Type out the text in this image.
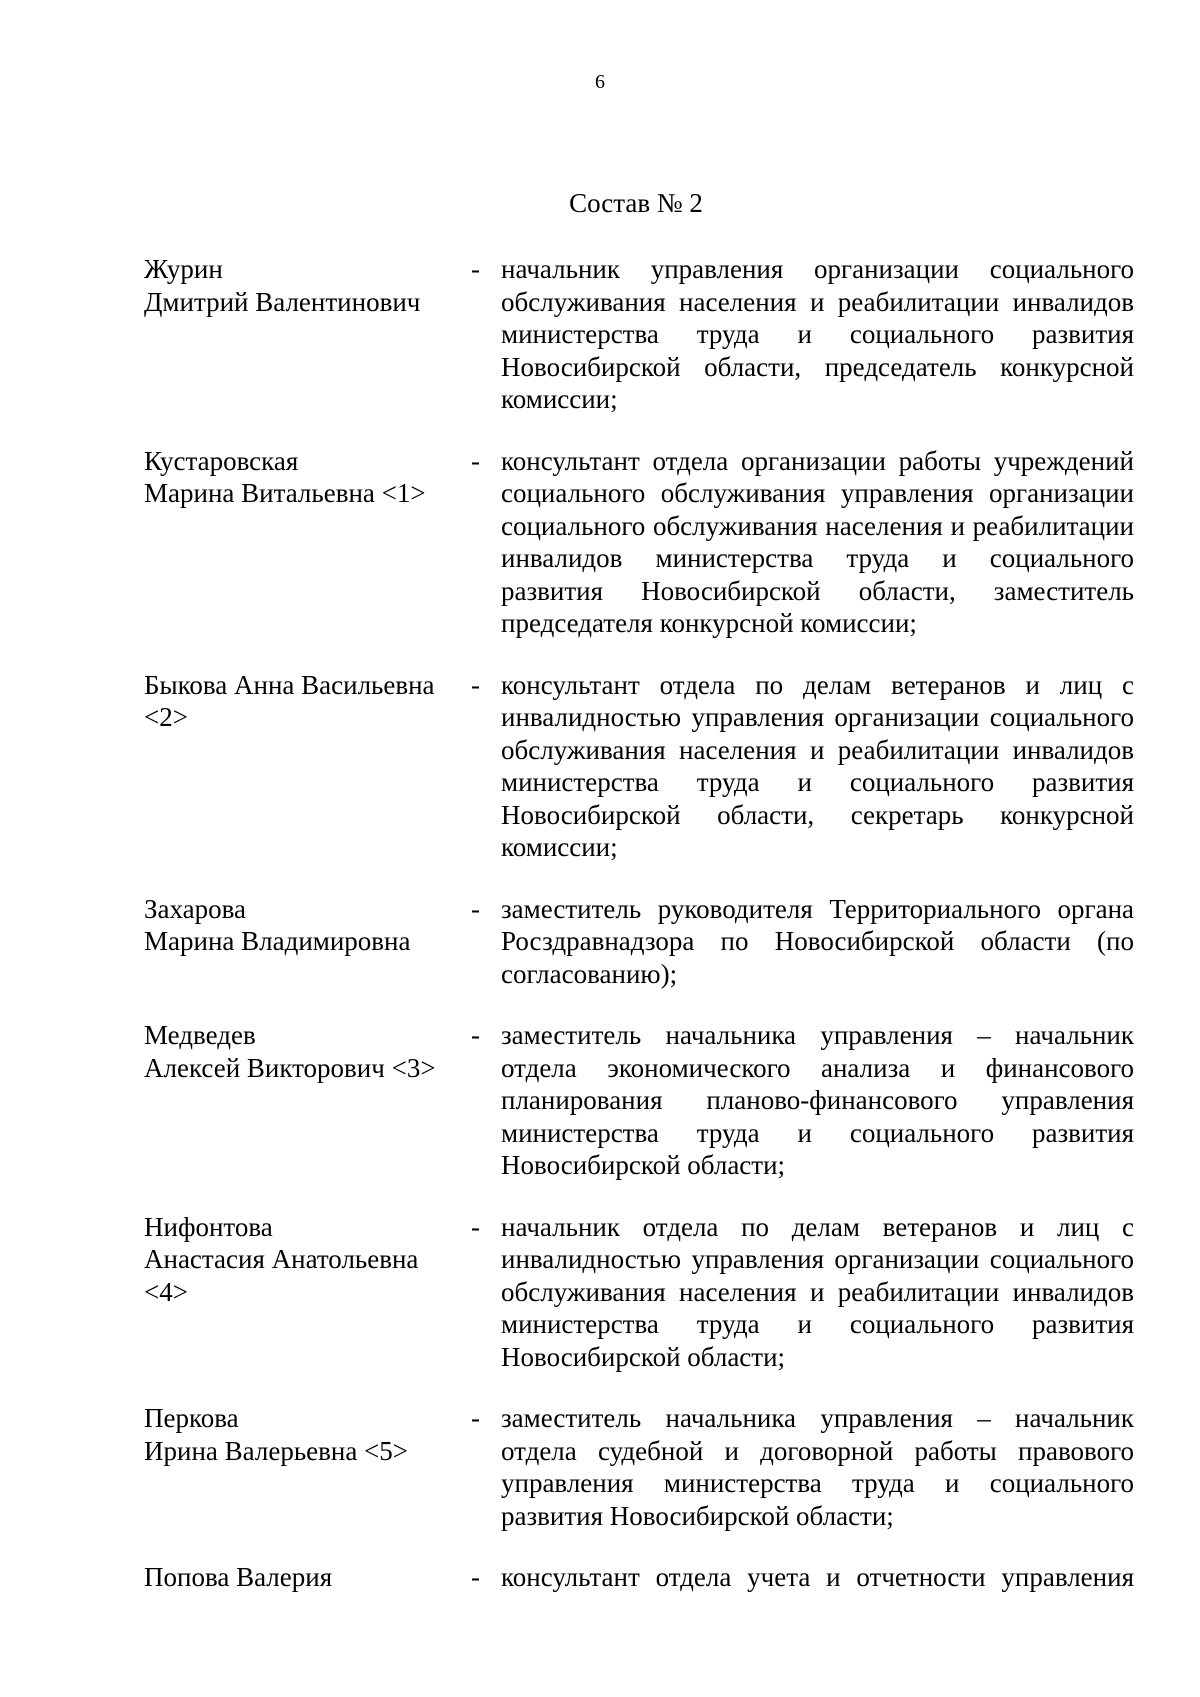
6
Состав № 2
Журин
Дмитрий Валентинович
- начальник управления организации социального обслуживания населения и реабилитации инвалидов министерства труда и социального развития Новосибирской области, председатель конкурсной комиссии;
Кустаровская
Марина Витальевна <1>
- консультант отдела организации работы учреждений социального обслуживания управления организации социального обслуживания населения и реабилитации инвалидов министерства труда и социального развития Новосибирской области, заместитель председателя конкурсной комиссии;
Быкова Анна Васильевна
<2>
- консультант отдела по делам ветеранов и лиц с инвалидностью управления организации социального обслуживания населения и реабилитации инвалидов министерства труда и социального развития Новосибирской области, секретарь конкурсной комиссии;
Захарова
Марина Владимировна
- заместитель руководителя Территориального органа Росздравнадзора по Новосибирской области (по согласованию);
Медведев
Алексей Викторович <3>
- заместитель начальника управления – начальник отдела экономического анализа и финансового планирования планово-финансового управления министерства труда и социального развития Новосибирской области;
Нифонтова
Анастасия Анатольевна
<4>
- начальник отдела по делам ветеранов и лиц с инвалидностью управления организации социального обслуживания населения и реабилитации инвалидов министерства труда и социального развития Новосибирской области;
Перкова
Ирина Валерьевна <5>
- заместитель начальника управления – начальник отдела судебной и договорной работы правового управления министерства труда и социального развития Новосибирской области;
Попова Валерия	- консультант отдела учета и отчетности управления
